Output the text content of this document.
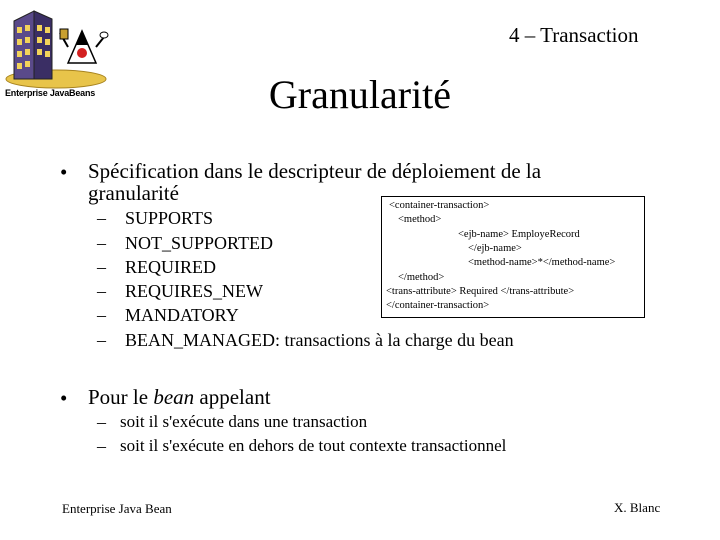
Enterprise JavaBeans
4 – Transaction
Granularité
• Spécification dans le descripteur de déploiement de la
granularité
– SUPPORTS
– NOT_SUPPORTED
– REQUIRED
– REQUIRES_NEW
– MANDATORY
– BEAN_MANAGED: transactions à la charge du bean
<container-transaction>
<method>
<ejb-name> EmployeRecord
</ejb-name>
<method-name>*</method-name>
</method>
<trans-attribute> Required </trans-attribute>
</container-transaction>
• Pour le bean appelant
– soit il s'exécute dans une transaction
– soit il s'exécute en dehors de tout contexte transactionnel
Enterprise Java Bean	X. Blanc
